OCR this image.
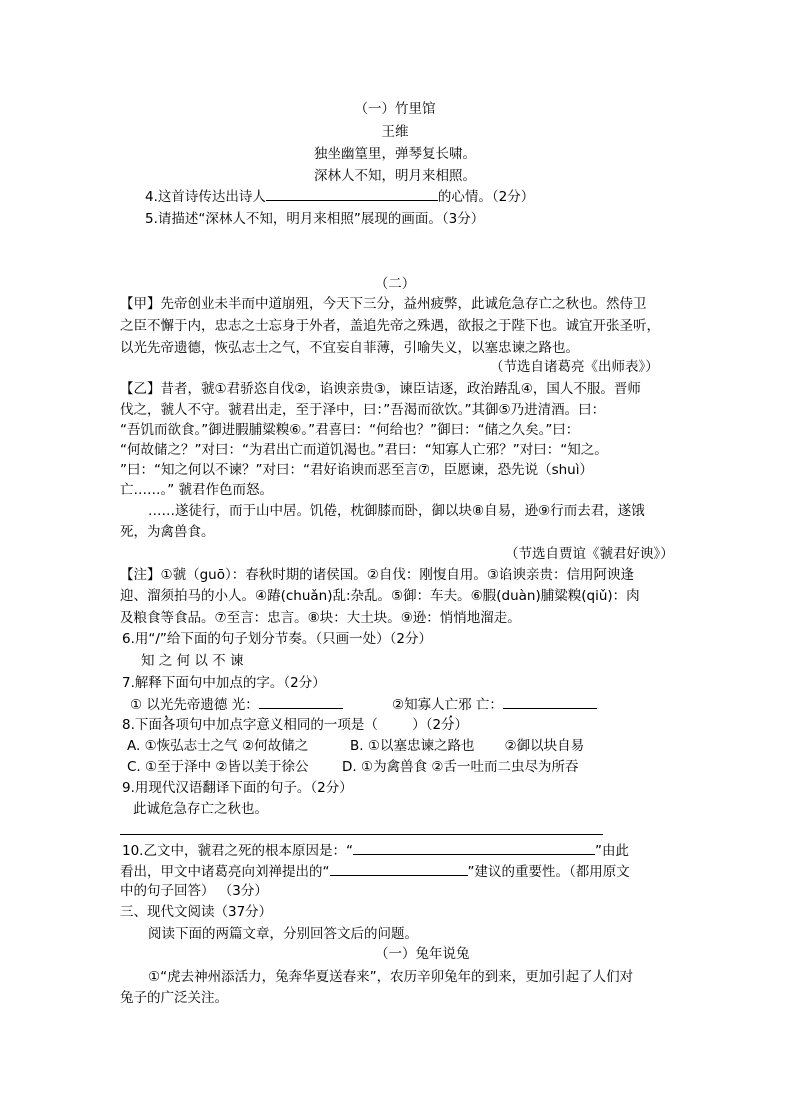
（一）竹里馆
王维
独坐幽篁里，弹琴复长啸。
深林人不知，明月来相照。
4.这首诗传达出诗人	的心情。（2分）
5.请描述“深林人不知，明月来相照”展现的画面。（3分）
（二）
【甲】先帝创业未半而中道崩殂，今天下三分，益州疲弊，此诚危急存亡之秋也。然侍卫
之臣不懈于内，忠志之士忘身于外者，盖追先帝之殊遇，欲报之于陛下也。诚宜开张圣听，
以光先帝遗德，恢弘志士之气，不宜妄自菲薄，引喻失义，以塞忠谏之路也。
（节选自诸葛亮《出师表》）
【乙】昔者，虢①君骄恣自伐②，谄谀亲贵③，谏臣诘逐，政治踳乱④，国人不服。晋师
伐之，虢人不守。虢君出走，至于泽中，曰：”吾渴而欲饮。”其御⑤乃进清酒。曰：
“吾饥而欲食。”御进腵脯粱糗⑥。”君喜曰：“何给也？”御曰：“储之久矣。”曰：
“何故储之？”对曰：“为君出亡而道饥渴也。”君曰：“知寡人亡邪？”对曰：“知之。
”曰：“知之何以不谏？”对曰：“君好谄谀而恶至言⑦，臣愿谏，恐先说（shuì）
亡……。” 虢君作色而怒。
……遂徒行，而于山中居。饥倦，枕御膝而卧，御以块⑧自易，逊⑨行而去君，遂饿
死，为禽兽食。
（节选自贾谊《虢君好谀》）
【注】①虢（guō）：春秋时期的诸侯国。②自伐：刚愎自用。③谄谀亲贵：信用阿谀逢
迎、溜须拍马的小人。④踳(chuǎn)乱:杂乱。⑤御：车夫。⑥腵(duàn)脯粱糗(qiǔ)：肉
及粮食等食品。⑦至言：忠言。⑧块：大土块。⑨逊：悄悄地溜走。
6.用“/”给下面的句子划分节奏。（只画一处）（2分）
知 之 何 以 不 谏
7.解释下面句中加点的字。（2分）
① 以光先帝遗德 光：	②知寡人亡邪 亡：
8.下面各项句中加点字意义相同的一项是（        ）（2分）
A. ①恢弘志士之气 ②何故储之	B. ①以塞忠谏之路也       ②御以块自易
C. ①至于泽中 ②皆以美于徐公 D. ①为禽兽食 ②舌一吐而二虫尽为所吞
9.用现代汉语翻译下面的句子。（2分）
此诚危急存亡之秋也。
10.乙文中，虢君之死的根本原因是：“	”由此
看出，甲文中诸葛亮向刘禅提出的“	”建议的重要性。（都用原文
中的句子回答） （3分）
三、现代文阅读（37分）
阅读下面的两篇文章，分别回答文后的问题。
（一）兔年说兔
①“虎去神州添活力，兔奔华夏送春来”，农历辛卯兔年的到来，更加引起了人们对
兔子的广泛关注。
